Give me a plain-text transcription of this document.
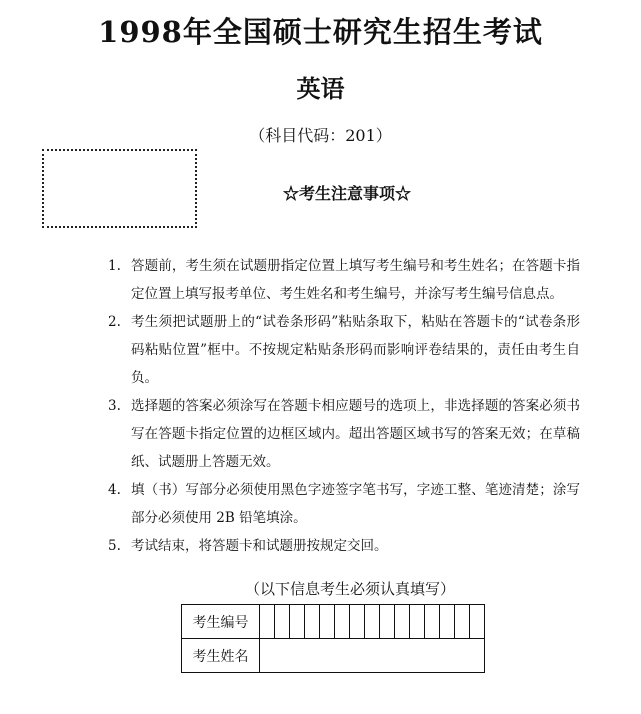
1998年全国硕士研究生招生考试
英语
（科目代码：201）
☆考生注意事项☆
1. 答题前，考生须在试题册指定位置上填写考生编号和考生姓名；在答题卡指定位置上填写报考单位、考生姓名和考生编号，并涂写考生编号信息点。
2. 考生须把试题册上的“试卷条形码”粘贴条取下，粘贴在答题卡的“试卷条形码粘贴位置”框中。不按规定粘贴条形码而影响评卷结果的，责任由考生自负。
3. 选择题的答案必须涂写在答题卡相应题号的选项上，非选择题的答案必须书写在答题卡指定位置的边框区域内。超出答题区域书写的答案无效；在草稿纸、试题册上答题无效。
4. 填（书）写部分必须使用黑色字迹签字笔书写，字迹工整、笔迹清楚；涂写部分必须使用 2B 铅笔填涂。
5. 考试结束，将答题卡和试题册按规定交回。
（以下信息考生必须认真填写）
考生编号															
考生姓名															
